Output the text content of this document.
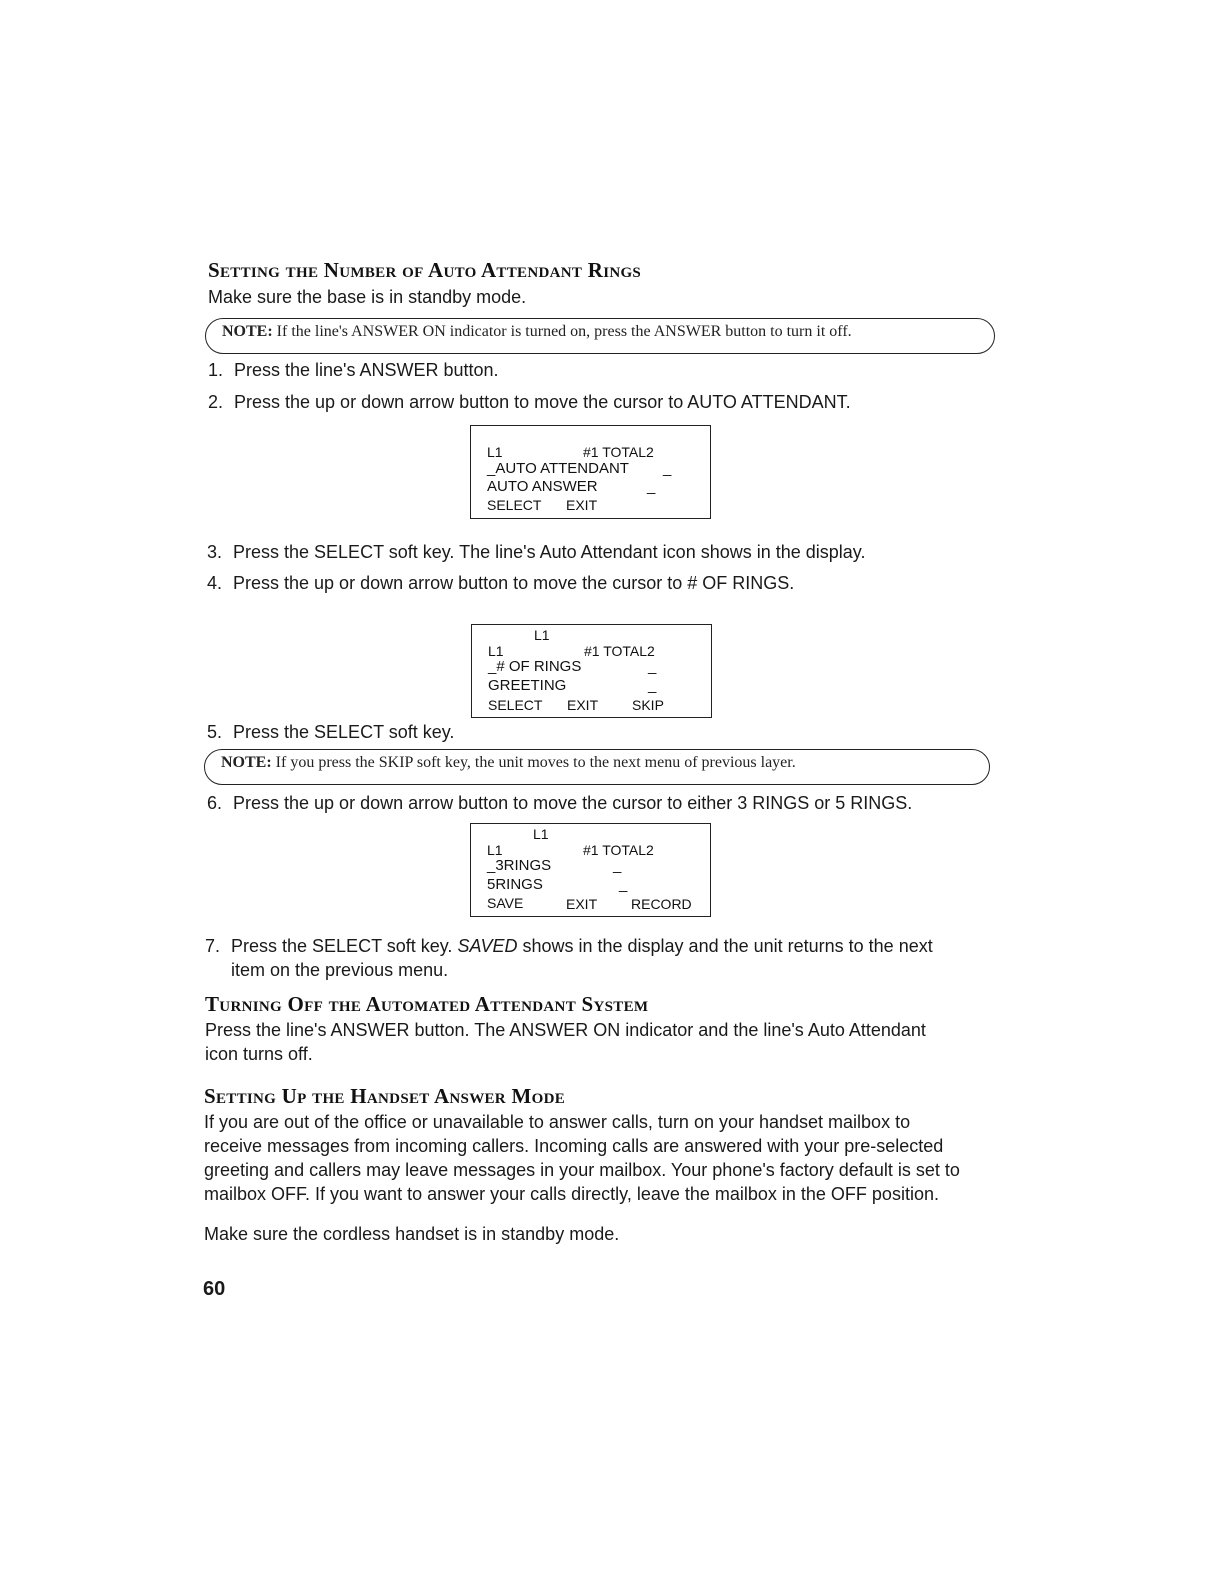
Setting the Number of Auto Attendant Rings
Make sure the base is in standby mode.
NOTE: If the line's ANSWER ON indicator is turned on, press the ANSWER button to turn it off.
1. Press the line's ANSWER button.
2. Press the up or down arrow button to move the cursor to AUTO ATTENDANT.
L1	#1 TOTAL2
_AUTO ATTENDANT _
AUTO ANSWER	_
SELECT EXIT
3. Press the SELECT soft key. The line's Auto Attendant icon shows in the display.
4. Press the up or down arrow button to move the cursor to # OF RINGS.
L1
L1	#1 TOTAL2
_# OF RINGS	_
GREETING	_
SELECT EXIT SKIP
5. Press the SELECT soft key.
NOTE: If you press the SKIP soft key, the unit moves to the next menu of previous layer.
6. Press the up or down arrow button to move the cursor to either 3 RINGS or 5 RINGS.
L1
L1	#1 TOTAL2
_3RINGS	_
5RINGS	_
SAVE	EXIT RECORD
7. Press the SELECT soft key. SAVED shows in the display and the unit returns to the next
item on the previous menu.
Turning Off the Automated Attendant System
Press the line's ANSWER button. The ANSWER ON indicator and the line's Auto Attendant
icon turns off.
Setting Up the Handset Answer Mode
If you are out of the office or unavailable to answer calls, turn on your handset mailbox to
receive messages from incoming callers. Incoming calls are answered with your pre-selected
greeting and callers may leave messages in your mailbox. Your phone's factory default is set to
mailbox OFF. If you want to answer your calls directly, leave the mailbox in the OFF position.
Make sure the cordless handset is in standby mode.
60
